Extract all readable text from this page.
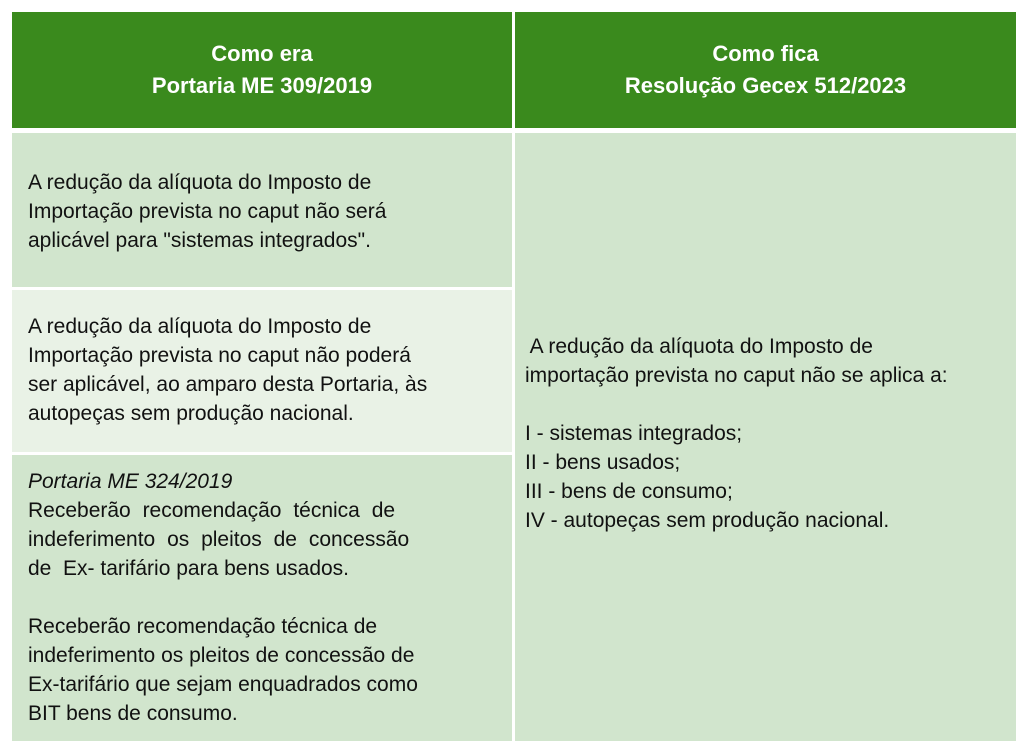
Como era
Portaria ME 309/2019
Como fica
Resolução Gecex 512/2023
A redução da alíquota do Imposto de
Importação prevista no caput não será
aplicável para "sistemas integrados".
A redução da alíquota do Imposto de
Importação prevista no caput não poderá
ser aplicável, ao amparo desta Portaria, às
autopeças sem produção nacional.
Portaria ME 324/2019
Receberão recomendação técnica de
indeferimento os pleitos de concessão
de  Ex- tarifário para bens usados.
Receberão recomendação técnica de
indeferimento os pleitos de concessão de
Ex-tarifário que sejam enquadrados como
BIT bens de consumo.
A redução da alíquota do Imposto de
importação prevista no caput não se aplica a:
I - sistemas integrados;
II - bens usados;
III - bens de consumo;
IV - autopeças sem produção nacional.
